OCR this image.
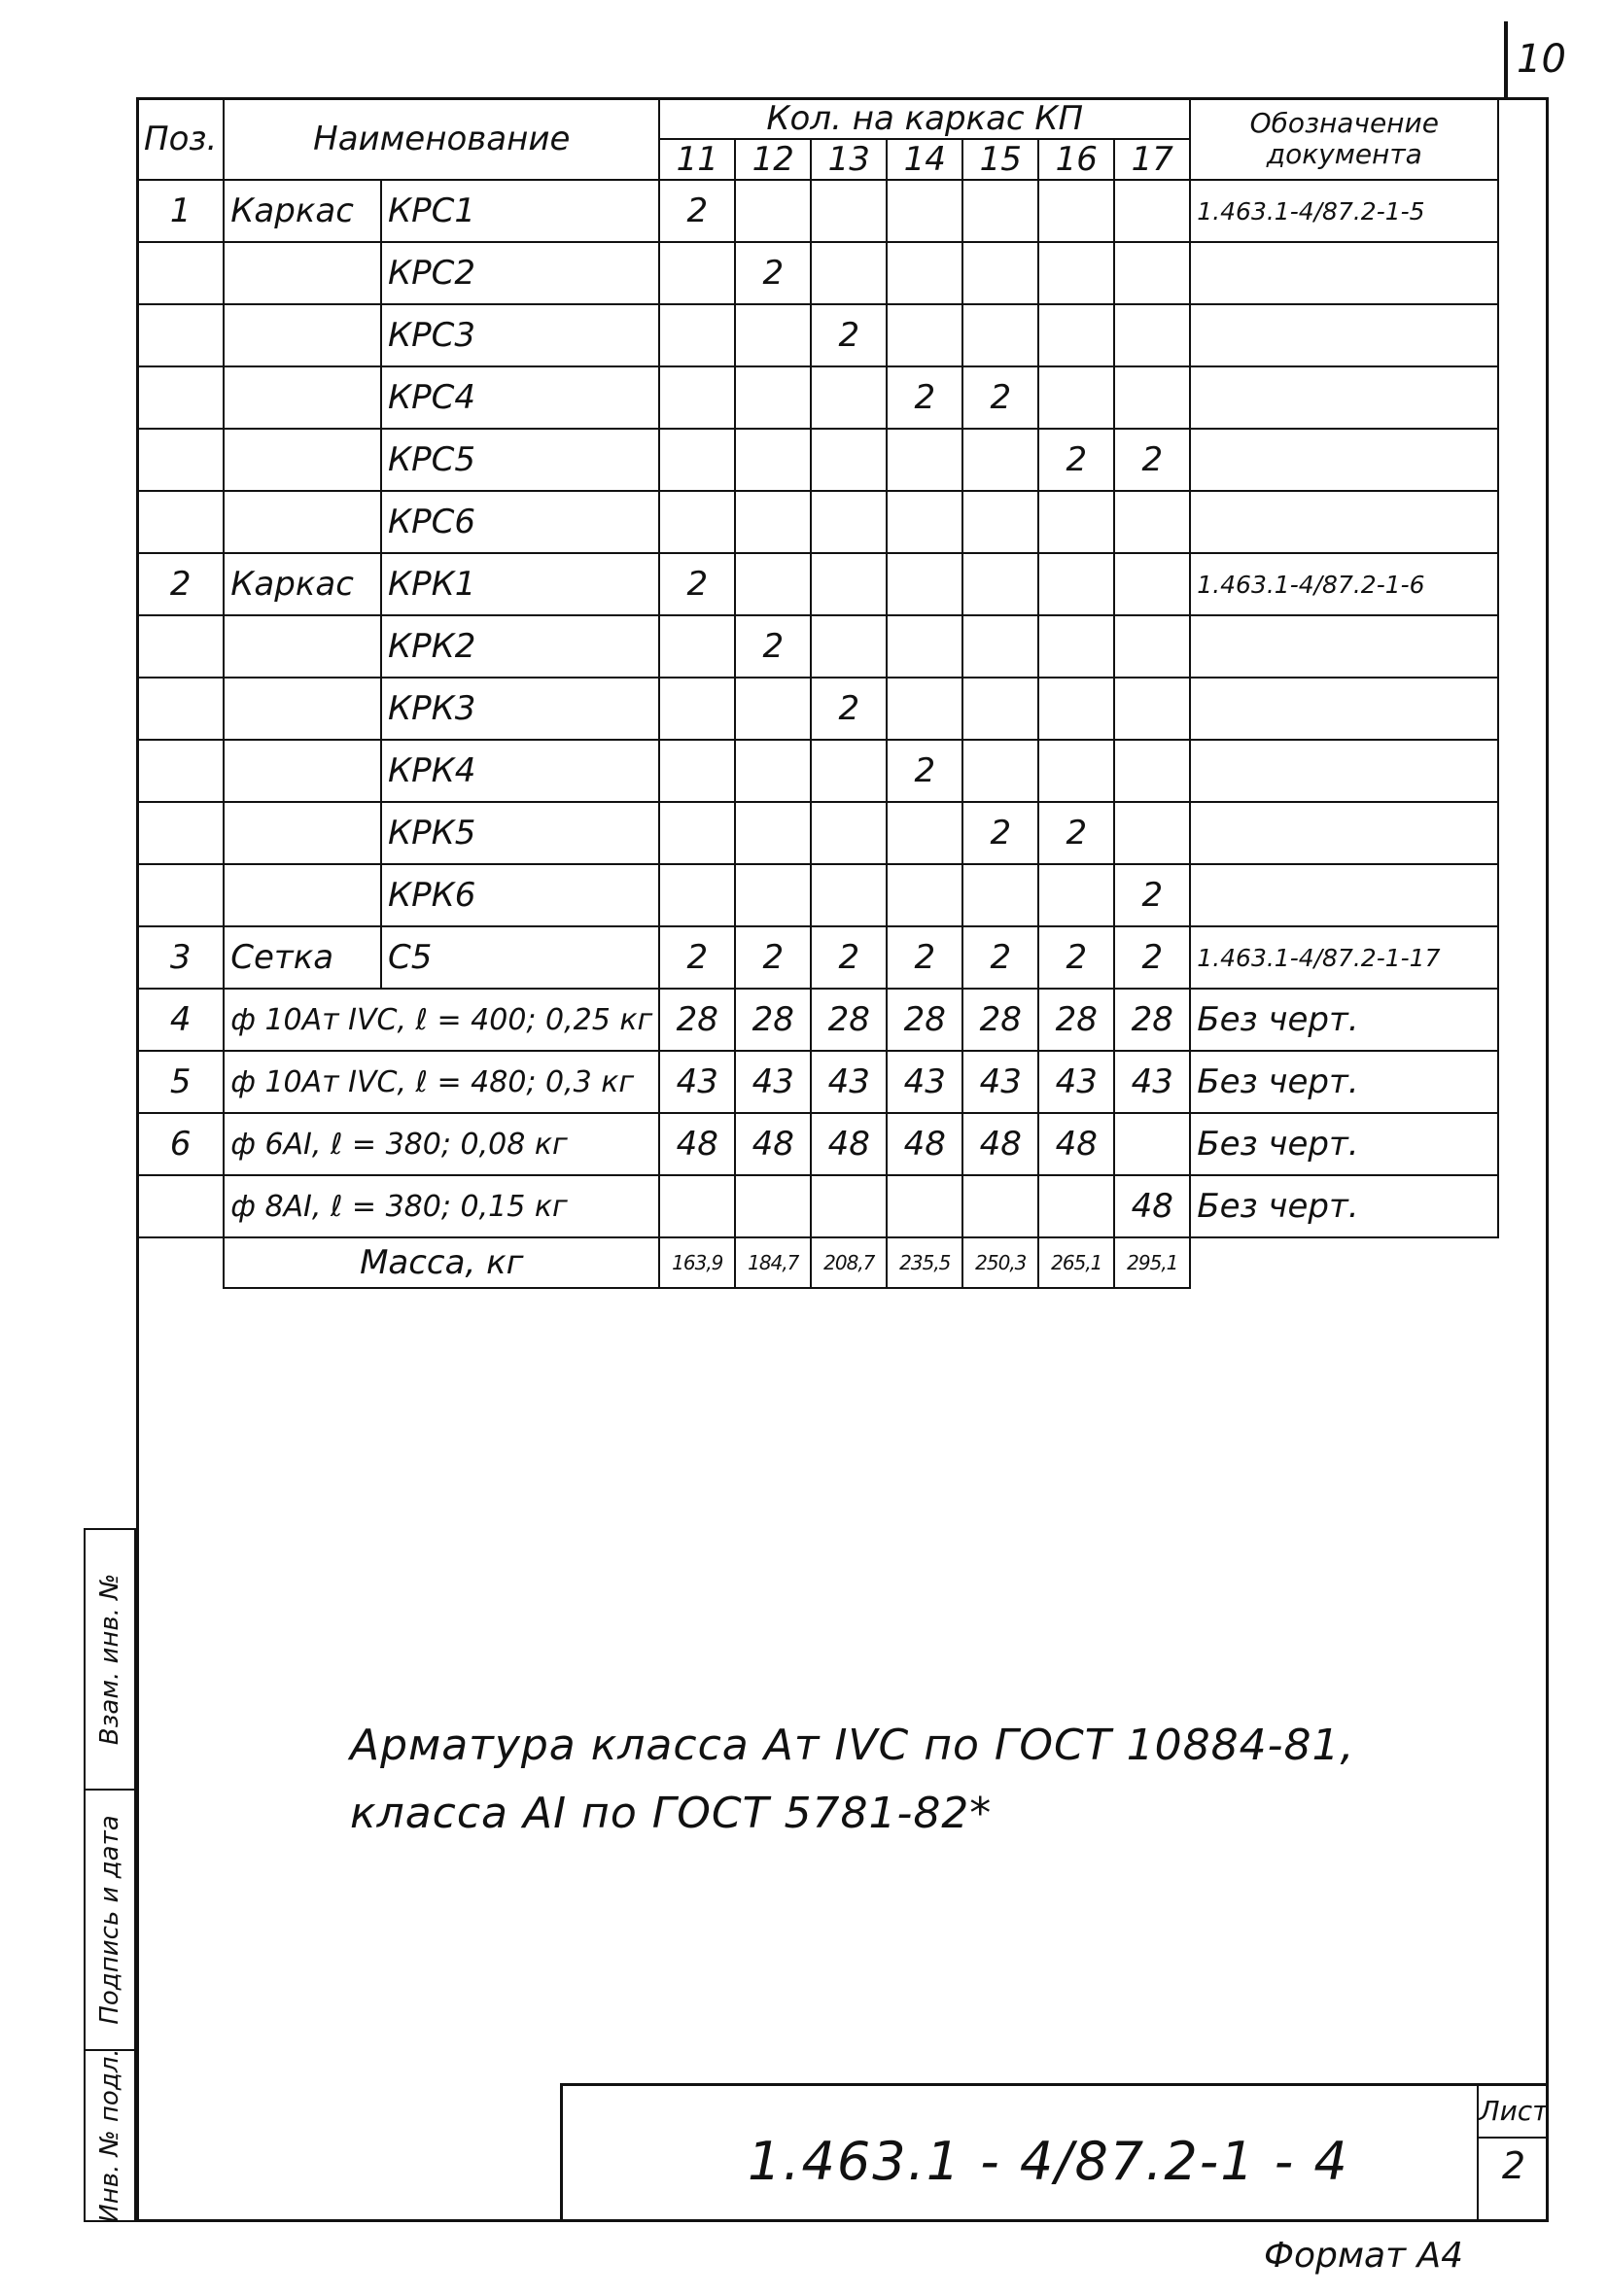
10
Поз.	Наименование		Кол. на каркас КП							Обозначение документа
			11	12	13	14	15	16	17	
1	Каркас	КРС1	2							1.463.1-4/87.2-1-5
		КРС2		2						
		КРС3			2					
		КРС4				2	2			
		КРС5						2	2	
		КРС6								
2	Каркас	КРК1	2							1.463.1-4/87.2-1-6
		КРК2		2						
		КРК3			2					
		КРК4				2				
		КРК5					2	2		
		КРК6							2	
3	Сетка	С5	2	2	2	2	2	2	2	1.463.1-4/87.2-1-17
4	ф 10Ат IVС, ℓ = 400; 0,25 кг		28	28	28	28	28	28	28	Без черт.
5	ф 10Ат IVС, ℓ = 480; 0,3 кг		43	43	43	43	43	43	43	Без черт.
6	ф 6АI, ℓ = 380; 0,08 кг		48	48	48	48	48	48		Без черт.
	ф 8АI, ℓ = 380; 0,15 кг								48	Без черт.
	Масса, кг		163,9	184,7	208,7	235,5	250,3	265,1	295,1	
Арматура класса Ат IVС по ГОСТ 10884-81,
класса АI по ГОСТ 5781-82*
Взам. инв. №
Подпись и дата
Инв. № подл.	1.463.1 - 4/87.2-1 - 4
Лист
2
Формат А4
